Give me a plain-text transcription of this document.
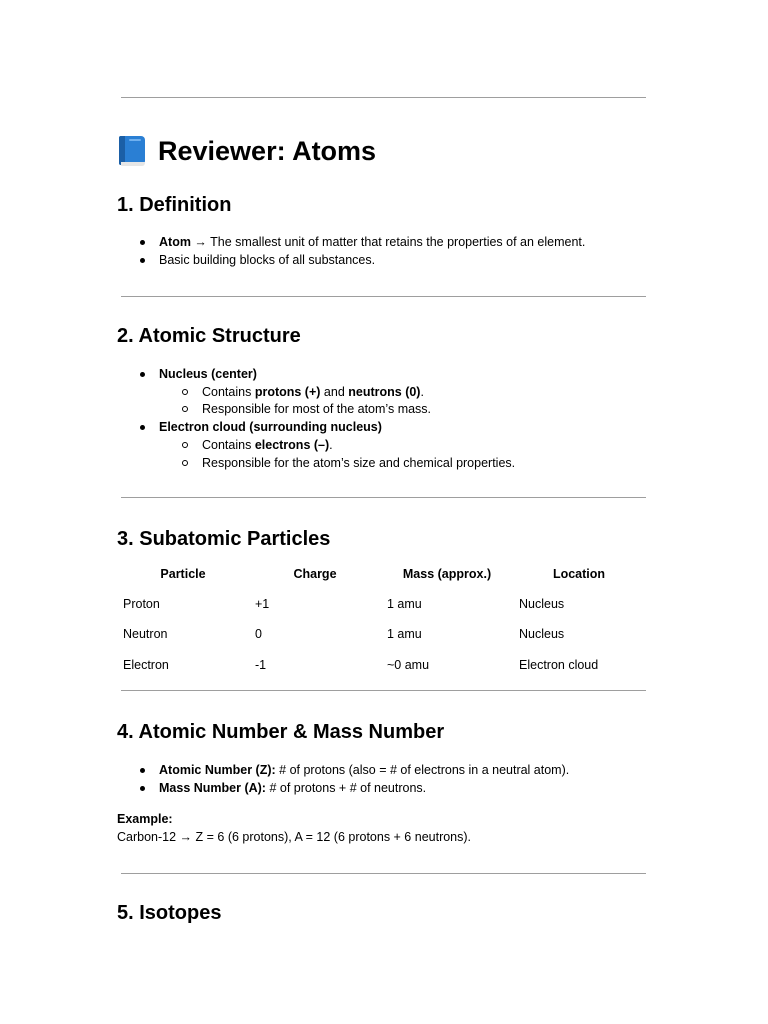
Reviewer: Atoms
1. Definition
Atom → The smallest unit of matter that retains the properties of an element.
Basic building blocks of all substances.
2. Atomic Structure
Nucleus (center)
Contains protons (+) and neutrons (0).
Responsible for most of the atom’s mass.
Electron cloud (surrounding nucleus)
Contains electrons (–).
Responsible for the atom’s size and chemical properties.
3. Subatomic Particles
Particle	Charge	Mass (approx.)	Location
Proton	+1	1 amu	Nucleus
Neutron	0	1 amu	Nucleus
Electron	-1	~0 amu	Electron cloud
4. Atomic Number & Mass Number
Atomic Number (Z): # of protons (also = # of electrons in a neutral atom).
Mass Number (A): # of protons + # of neutrons.
Example:
Carbon-12 → Z = 6 (6 protons), A = 12 (6 protons + 6 neutrons).
5. Isotopes
